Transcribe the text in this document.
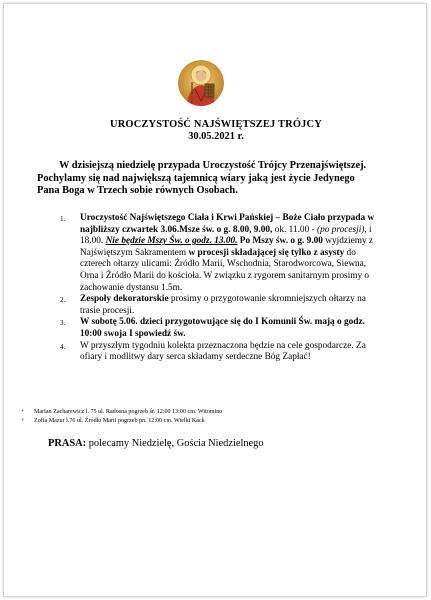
UROCZYSTOŚĆ NAJŚWIĘTSZEJ TRÓJCY
30.05.2021 r.
W dzisiejszą niedzielę przypada Uroczystość Trójcy Przenajświętszej. Pochylamy się nad największą tajemnicą wiary jaką jest życie Jedynego Pana Boga w Trzech sobie równych Osobach.
1. Uroczystość Najświętszego Ciała i Krwi Pańskiej – Boże Ciało przypada w najbliższy czwartek 3.06.Msze św. o g. 8.00, 9.00, ok. 11.00 - (po procesji), i 18.00. Nie będzie Mszy Św. o godz. 13.00. Po Mszy św. o g. 9.00 wyjdziemy z Najświętszym Sakramentem w procesji składającej się tylko z asysty do czterech ołtarzy ulicami: Źródło Marii, Wschodnia, Starodworcowa, Siewna, Orna i Źródło Marii do kościoła. W związku z rygorem sanitarnym prosimy o zachowanie dystansu 1.5m.
2. Zespoły dekoratorskie prosimy o przygotowanie skromniejszych ołtarzy na trasie procesji.
3. W sobotę 5.06. dzieci przygotowujące się do I Komunii Św. mają o godz. 10:00 swoja I spowiedź św.
4. W przyszłym tygodniu kolekta przeznaczona będzie na cele gospodarcze. Za ofiary i modlitwy dary serca składamy serdeczne Bóg Zapłać!
+ Marian Zacharewicz l. 75 ul. Radosna pogrzeb śr. 12:00 13:00 cm. Witomino
+ Zofia Mazur l.76 ul. Źródło Marii pogrzeb pn. 12:00 cm. Wielki Kack
PRASA: polecamy Niedzielę, Gościa Niedzielnego
